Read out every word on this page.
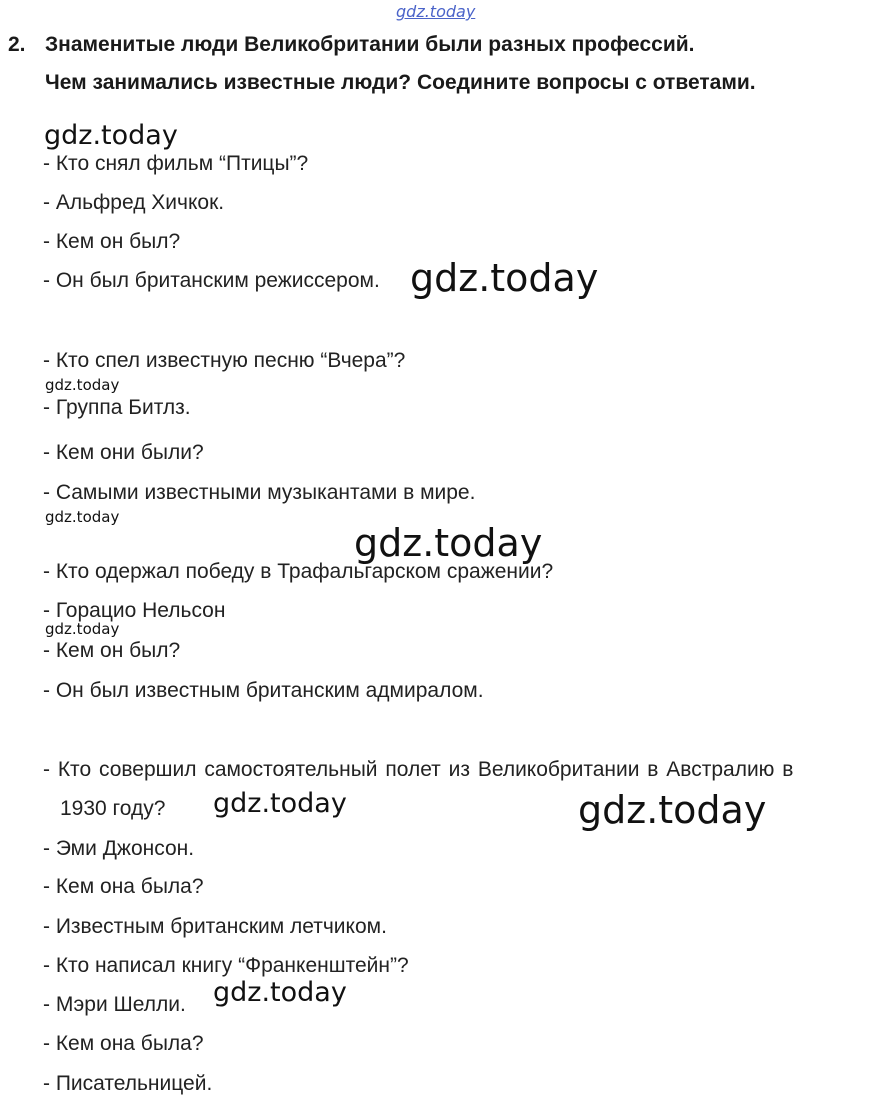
gdz.today
2. Знаменитые люди Великобритании были разных профессий.
Чем занимались известные люди? Соедините вопросы с ответами.
- Кто снял фильм “Птицы”?
- Альфред Хичкок.
- Кем он был?
- Он был британским режиссером.
- Кто спел известную песню “Вчера”?
- Группа Битлз.
- Кем они были?
- Самыми известными музыкантами в мире.
- Кто одержал победу в Трафальгарском сражении?
- Горацио Нельсон
- Кем он был?
- Он был известным британским адмиралом.
- Кто совершил самостоятельный полет из Великобритании в Австралию в
1930 году?
- Эми Джонсон.
- Кем она была?
- Известным британским летчиком.
- Кто написал книгу “Франкенштейн”?
- Мэри Шелли.
- Кем она была?
- Писательницей.
gdz.today
gdz.today
gdz.today
gdz.today
gdz.today
gdz.today
gdz.today	gdz.today
gdz.today
